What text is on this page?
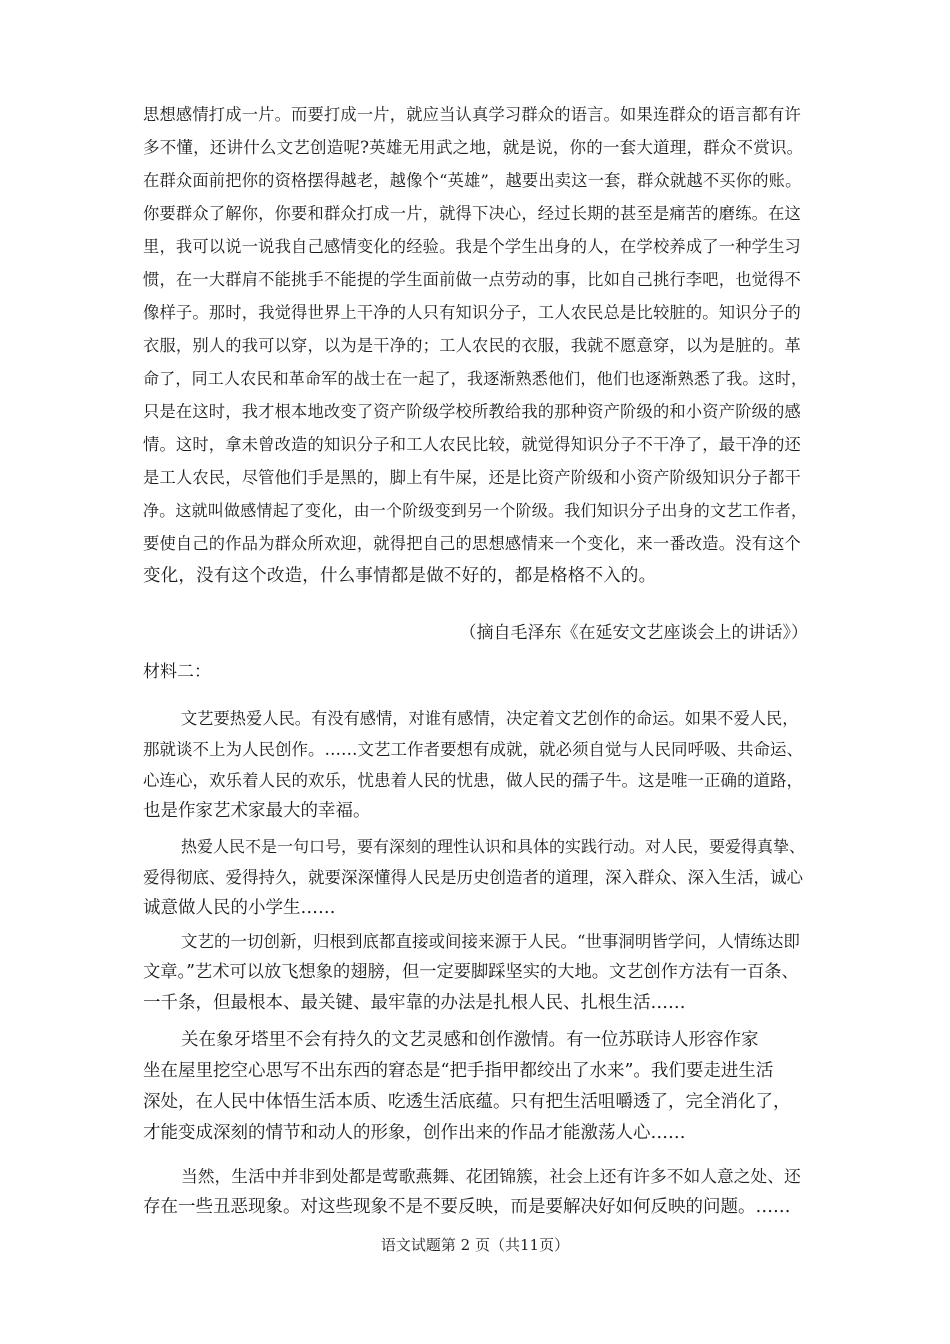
思想感情打成一片。而要打成一片，就应当认真学习群众的语言。如果连群众的语言都有许
多不懂，还讲什么文艺创造呢?英雄无用武之地，就是说，你的一套大道理，群众不赏识。
在群众面前把你的资格摆得越老，越像个“英雄”，越要出卖这一套，群众就越不买你的账。
你要群众了解你，你要和群众打成一片，就得下决心，经过长期的甚至是痛苦的磨练。在这
里，我可以说一说我自己感情变化的经验。我是个学生出身的人，在学校养成了一种学生习
惯，在一大群肩不能挑手不能提的学生面前做一点劳动的事，比如自己挑行李吧，也觉得不
像样子。那时，我觉得世界上干净的人只有知识分子，工人农民总是比较脏的。知识分子的
衣服，别人的我可以穿，以为是干净的；工人农民的衣服，我就不愿意穿，以为是脏的。革
命了，同工人农民和革命军的战士在一起了，我逐渐熟悉他们，他们也逐渐熟悉了我。这时，
只是在这时，我才根本地改变了资产阶级学校所教给我的那种资产阶级的和小资产阶级的感
情。这时，拿未曾改造的知识分子和工人农民比较，就觉得知识分子不干净了，最干净的还
是工人农民，尽管他们手是黑的，脚上有牛屎，还是比资产阶级和小资产阶级知识分子都干
净。这就叫做感情起了变化，由一个阶级变到另一个阶级。我们知识分子出身的文艺工作者，
要使自己的作品为群众所欢迎，就得把自己的思想感情来一个变化，来一番改造。没有这个
变化，没有这个改造，什么事情都是做不好的，都是格格不入的。
（摘自毛泽东《在延安文艺座谈会上的讲话》）
材料二：
文艺要热爱人民。有没有感情，对谁有感情，决定着文艺创作的命运。如果不爱人民，
那就谈不上为人民创作。……文艺工作者要想有成就，就必须自觉与人民同呼吸、共命运、
心连心，欢乐着人民的欢乐，忧患着人民的忧患，做人民的孺子牛。这是唯一正确的道路，
也是作家艺术家最大的幸福。
热爱人民不是一句口号，要有深刻的理性认识和具体的实践行动。对人民，要爱得真挚、
爱得彻底、爱得持久，就要深深懂得人民是历史创造者的道理，深入群众、深入生活，诚心
诚意做人民的小学生……
文艺的一切创新，归根到底都直接或间接来源于人民。“世事洞明皆学问，人情练达即
文章。”艺术可以放飞想象的翅膀，但一定要脚踩坚实的大地。文艺创作方法有一百条、
一千条，但最根本、最关键、最牢靠的办法是扎根人民、扎根生活……
关在象牙塔里不会有持久的文艺灵感和创作激情。有一位苏联诗人形容作家
坐在屋里挖空心思写不出东西的窘态是“把手指甲都绞出了水来”。我们要走进生活
深处，在人民中体悟生活本质、吃透生活底蕴。只有把生活咀嚼透了，完全消化了，
才能变成深刻的情节和动人的形象，创作出来的作品才能激荡人心……
当然，生活中并非到处都是莺歌燕舞、花团锦簇，社会上还有许多不如人意之处、还
存在一些丑恶现象。对这些现象不是不要反映，而是要解决好如何反映的问题。……
语文试题第 2 页（共11页）
